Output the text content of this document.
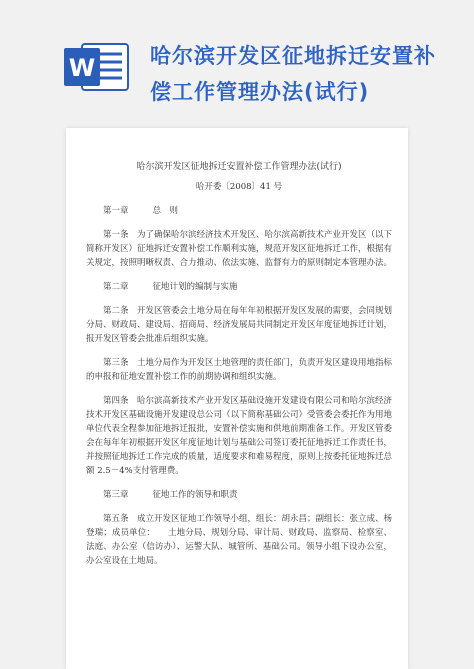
W	哈尔滨开发区征地拆迁安置补
偿工作管理办法(试行)
哈尔滨开发区征地拆迁安置补偿工作管理办法(试行)
哈开委〔2008〕41 号
第一章	总　则

第一条　为了确保哈尔滨经济技术开发区、哈尔滨高新技术产业开发区（以下简称开发区）征地拆迁安置补偿工作顺利实施，规范开发区征地拆迁工作，根据有关规定，按照明晰权责、合力推动、依法实施、监督有力的原则制定本管理办法。

第二章	征地计划的编制与实施

第二条　开发区管委会土地分局在每年年初根据开发区发展的需要，会同规划分局、财政局、建设局、招商局、经济发展局共同制定开发区年度征地拆迁计划，报开发区管委会批准后组织实施。

第三条　土地分局作为开发区土地管理的责任部门，负责开发区建设用地指标的申报和征地安置补偿工作的前期协调和组织实施。

第四条　哈尔滨高新技术产业开发区基础设施开发建设有限公司和哈尔滨经济技术开发区基础设施开发建设总公司（以下简称基础公司）受管委会委托作为用地单位代表全程参加征地拆迁报批，安置补偿实施和供地前期准备工作。开发区管委会在每年年初根据开发区年度征地计划与基础公司签订委托征地拆迁工作责任书，并按照征地拆迁工作完成的质量，适度要求和难易程度，原则上按委托征地拆迁总额 2.5－4%支付管理费。

第三章	征地工作的领导和职责

第五条　成立开发区征地工作领导小组，组长：胡永昌；副组长：张立成、杨登瑞；成员单位：　　土地分局、规划分局、审计局、财政局、监察局、检察室、法庭、办公室（信访办）、运警大队、城管所、基础公司。领导小组下设办公室，办公室设在土地局。
